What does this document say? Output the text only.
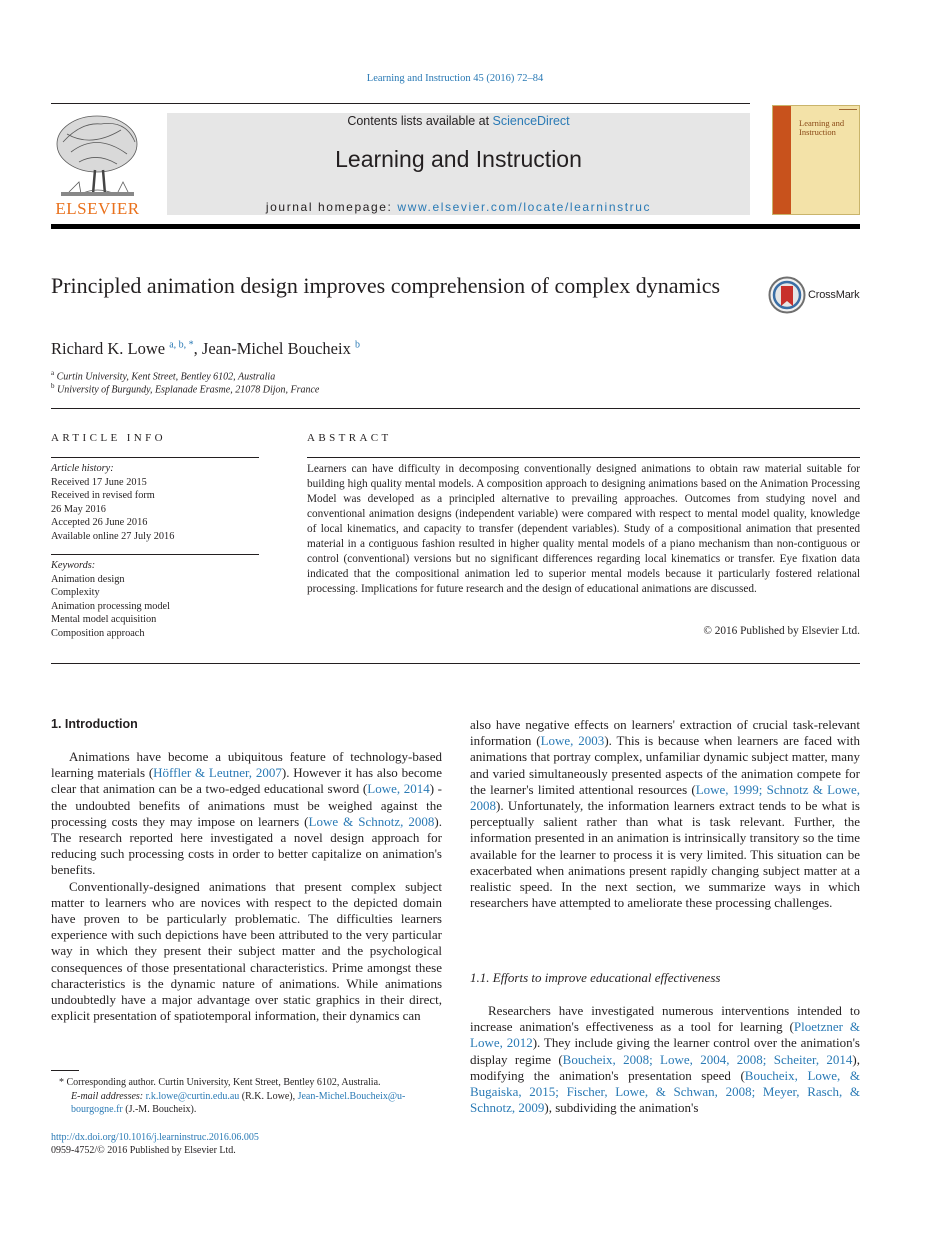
Learning and Instruction 45 (2016) 72–84
ELSEVIER
Contents lists available at ScienceDirect
Learning and Instruction
journal homepage: www.elsevier.com/locate/learninstruc
Learning and Instruction
Principled animation design improves comprehension of complex dynamics	CrossMark
Richard K. Lowe $^{a, b, *}$, Jean-Michel Boucheix $^b$
$^a$ Curtin University, Kent Street, Bentley 6102, Australia
$^b$ University of Burgundy, Esplanade Erasme, 21078 Dijon, France
ARTICLE INFO
Article history:
Received 17 June 2015
Received in revised form
26 May 2016
Accepted 26 June 2016
Available online 27 July 2016
Keywords:
Animation design
Complexity
Animation processing model
Mental model acquisition
Composition approach
ABSTRACT
Learners can have difficulty in decomposing conventionally designed animations to obtain raw material suitable for building high quality mental models. A composition approach to designing animations based on the Animation Processing Model was developed as a principled alternative to prevailing approaches. Outcomes from studying novel and conventional animation designs (independent variable) were compared with respect to mental model quality, knowledge of local kinematics, and capacity to transfer (dependent variables). Study of a compositional animation that presented material in a contiguous fashion resulted in higher quality mental models of a piano mechanism than non-contiguous or control (conventional) versions but no significant differences regarding local kinematics or transfer. Eye fixation data indicated that the compositional animation led to superior mental models because it particularly fostered relational processing. Implications for future research and the design of educational animations are discussed.
© 2016 Published by Elsevier Ltd.
1. Introduction

Animations have become a ubiquitous feature of technology-based learning materials (Höffler & Leutner, 2007). However it has also become clear that animation can be a two-edged educational sword (Lowe, 2014) - the undoubted benefits of animations must be weighed against the processing costs they may impose on learners (Lowe & Schnotz, 2008). The research reported here investigated a novel design approach for reducing such processing costs in order to better capitalize on animation's benefits.

Conventionally-designed animations that present complex subject matter to learners who are novices with respect to the depicted domain have proven to be particularly problematic. The difficulties learners experience with such depictions have been attributed to the very particular way in which they present their subject matter and the psychological consequences of those presentational characteristics. Prime amongst these characteristics is the dynamic nature of animations. While animations undoubtedly have a major advantage over static graphics in their direct, explicit presentation of spatiotemporal information, their dynamics can

also have negative effects on learners' extraction of crucial task-relevant information (Lowe, 2003). This is because when learners are faced with animations that portray complex, unfamiliar dynamic subject matter, many and varied simultaneously presented aspects of the animation compete for the learner's limited attentional resources (Lowe, 1999; Schnotz & Lowe, 2008). Unfortunately, the information learners extract tends to be what is perceptually salient rather than what is task relevant. Further, the information presented in an animation is intrinsically transitory so the time available for the learner to process it is very limited. This situation can be exacerbated when animations present rapidly changing subject matter at a realistic speed. In the next section, we summarize ways in which researchers have attempted to ameliorate these processing challenges.

1.1. Efforts to improve educational effectiveness

Researchers have investigated numerous interventions intended to increase animation's effectiveness as a tool for learning (Ploetzner & Lowe, 2012). They include giving the learner control over the animation's display regime (Boucheix, 2008; Lowe, 2004, 2008; Scheiter, 2014), modifying the animation's presentation speed (Boucheix, Lowe, & Bugaiska, 2015; Fischer, Lowe, & Schwan, 2008; Meyer, Rasch, & Schnotz, 2009), subdividing the animation's

* Corresponding author. Curtin University, Kent Street, Bentley 6102, Australia.
E-mail addresses: r.k.lowe@curtin.edu.au (R.K. Lowe), Jean-Michel.Boucheix@u-bourgogne.fr (J.-M. Boucheix).
http://dx.doi.org/10.1016/j.learninstruc.2016.06.005
0959-4752/© 2016 Published by Elsevier Ltd.
